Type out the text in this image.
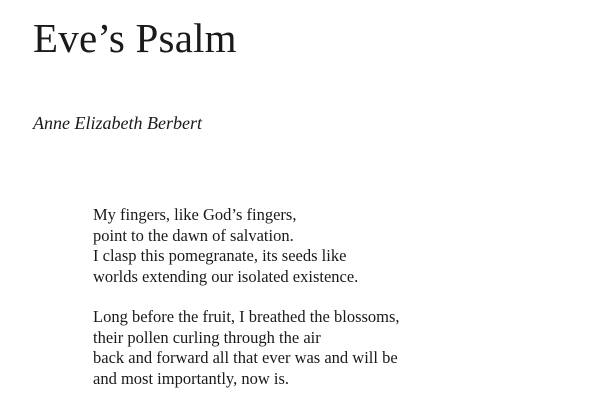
Eve’s Psalm

Anne Elizabeth Berbert

My fingers, like God’s fingers,
point to the dawn of salvation.
I clasp this pomegranate, its seeds like
worlds extending our isolated existence.
Long before the fruit, I breathed the blossoms,
their pollen curling through the air
back and forward all that ever was and will be
and most importantly, now is.
